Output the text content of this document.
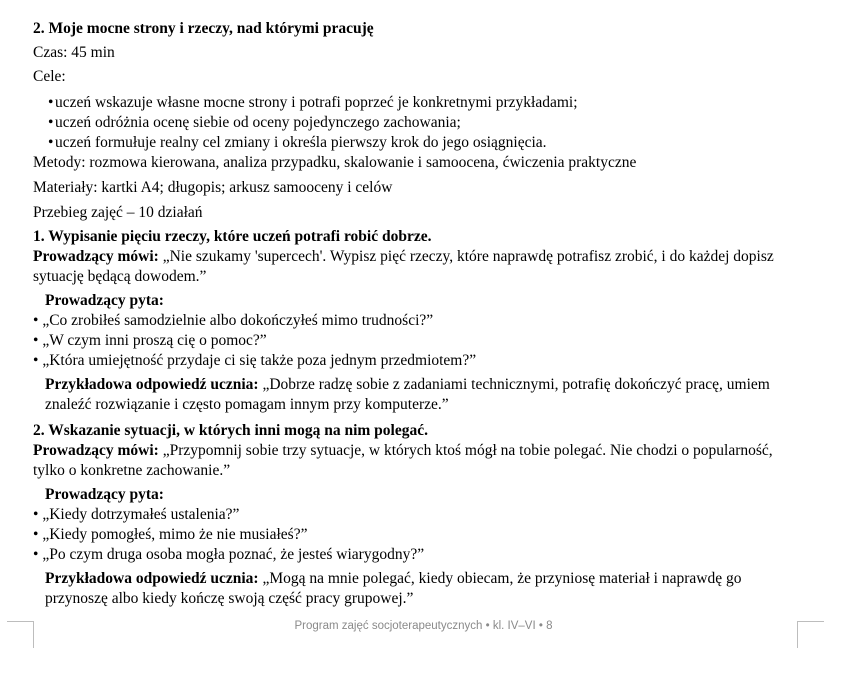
2. Moje mocne strony i rzeczy, nad którymi pracuję
Czas: 45 min
Cele:
• uczeń wskazuje własne mocne strony i potrafi poprzeć je konkretnymi przykładami;
• uczeń odróżnia ocenę siebie od oceny pojedynczego zachowania;
• uczeń formułuje realny cel zmiany i określa pierwszy krok do jego osiągnięcia.
Metody: rozmowa kierowana, analiza przypadku, skalowanie i samoocena, ćwiczenia praktyczne
Materiały: kartki A4; długopis; arkusz samooceny i celów
Przebieg zajęć – 10 działań
1. Wypisanie pięciu rzeczy, które uczeń potrafi robić dobrze.
Prowadzący mówi: „Nie szukamy 'supercech'. Wypisz pięć rzeczy, które naprawdę potrafisz zrobić, i do każdej dopisz sytuację będącą dowodem.”
Prowadzący pyta:
• „Co zrobiłeś samodzielnie albo dokończyłeś mimo trudności?”
• „W czym inni proszą cię o pomoc?”
• „Która umiejętność przydaje ci się także poza jednym przedmiotem?”
Przykładowa odpowiedź ucznia: „Dobrze radzę sobie z zadaniami technicznymi, potrafię dokończyć pracę, umiem znaleźć rozwiązanie i często pomagam innym przy komputerze.”
2. Wskazanie sytuacji, w których inni mogą na nim polegać.
Prowadzący mówi: „Przypomnij sobie trzy sytuacje, w których ktoś mógł na tobie polegać. Nie chodzi o popularność, tylko o konkretne zachowanie.”
Prowadzący pyta:
• „Kiedy dotrzymałeś ustalenia?”
• „Kiedy pomogłeś, mimo że nie musiałeś?”
• „Po czym druga osoba mogła poznać, że jesteś wiarygodny?”
Przykładowa odpowiedź ucznia: „Mogą na mnie polegać, kiedy obiecam, że przyniosę materiał i naprawdę go przynoszę albo kiedy kończę swoją część pracy grupowej.”
Program zajęć socjoterapeutycznych • kl. IV–VI • 8
